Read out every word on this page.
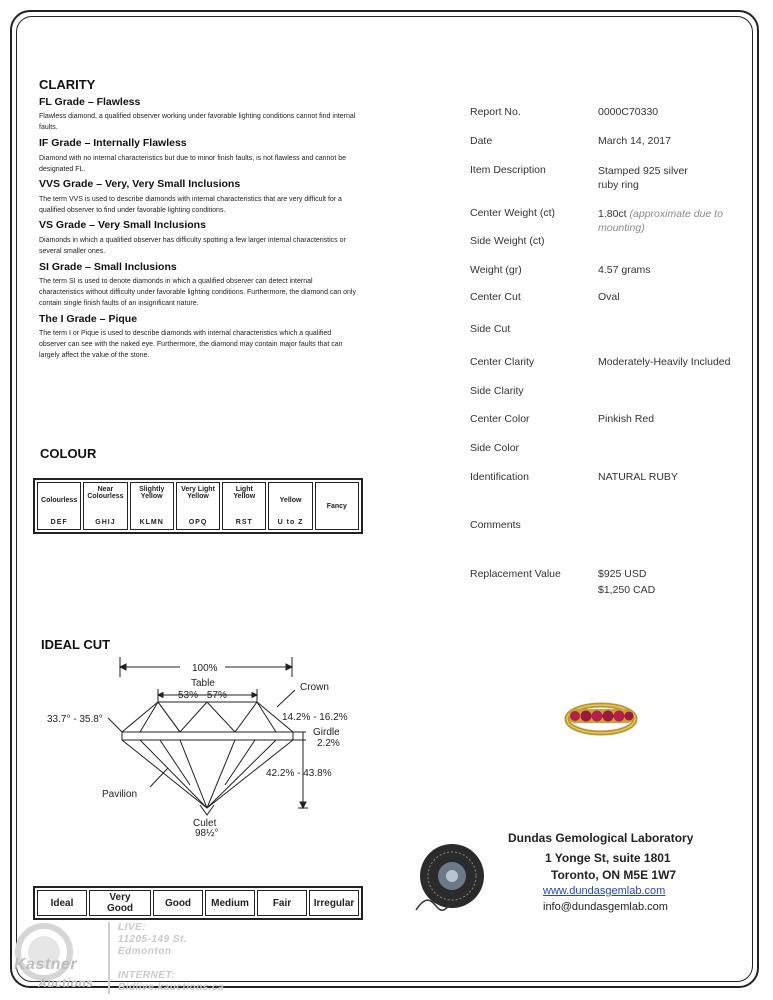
CLARITY
FL Grade – Flawless
Flawless diamond, a qualified observer working under favorable lighting conditions cannot find internal faults.
IF Grade – Internally Flawless
Diamond with no internal characteristics but due to minor finish faults, is not flawless and cannot be designated FL.
VVS Grade – Very, Very Small Inclusions
The term VVS is used to describe diamonds with internal characteristics that are very difficult for a qualified observer to find under favorable lighting conditions.
VS Grade – Very Small Inclusions
Diamonds in which a qualified observer has difficulty spotting a few larger internal characteristics or several smaller ones.
SI Grade – Small Inclusions
The term SI is used to denote diamonds in which a qualified observer can detect internal characteristics without difficulty under favorable lighting conditions. Furthermore, the diamond can only contain single finish faults of an insignificant nature.
The I Grade – Pique
The term I or Pique is used to describe diamonds with internal characteristics which a qualified observer can see with the naked eye. Furthermore, the diamond may contain major faults that can largely affect the value of the stone.
COLOUR
Colourless
DEF
Near Colourless
GHIJ
Slightly Yellow
KLMN
Very Light Yellow
OPQ
Light Yellow
RST
Yellow
U to Z
Fancy
IDEAL CUT
100%
Table
53% - 57%
Crown
33.7° - 35.8°	14.2% - 16.2%
Girdle
2.2%
42.2% - 43.8%
Pavilion
Culet
98½°
Ideal	Very Good	Good	Medium	Fair	Irregular
Report No.	0000C70330
Date	March 14, 2017
Item Description	Stamped 925 silver ruby ring
Center Weight (ct)	1.80ct (approximate due to mounting)
Side Weight (ct)
Weight (gr)	4.57 grams
Center Cut	Oval
Side Cut
Center Clarity	Moderately-Heavily Included
Side Clarity
Center Color	Pinkish Red
Side Color
Identification	NATURAL RUBY
Comments
Replacement Value	$925 USD
$1,250 CAD
Dundas Gemological Laboratory
1 Yonge St, suite 1801
Toronto, ON M5E 1W7
www.dundasgemlab.com
info@dundasgemlab.com
Kastner
Auctions
LIVE:
11205-149 St.
Edmonton
INTERNET:
Bidlive.kauctions.ca
